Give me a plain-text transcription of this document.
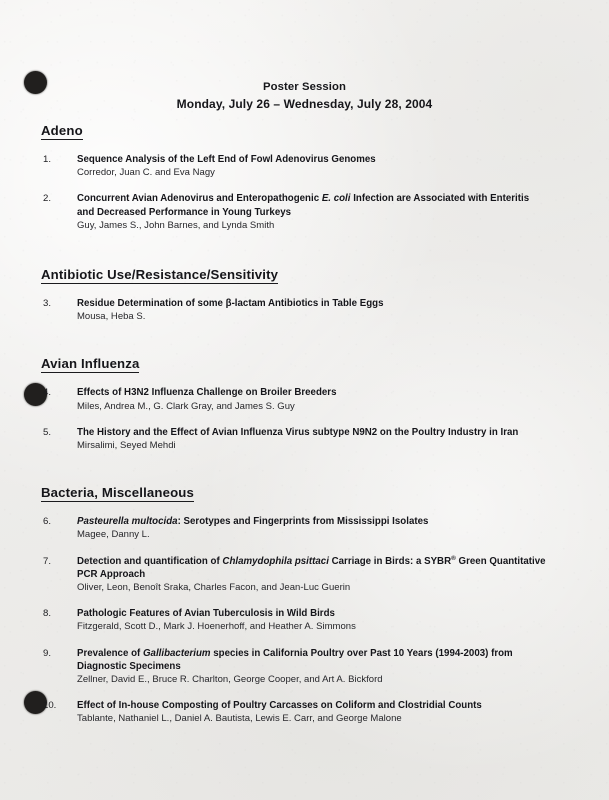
Poster Session
Monday, July 26 – Wednesday, July 28, 2004
Adeno
1.	Sequence Analysis of the Left End of Fowl Adenovirus Genomes
Corredor, Juan C. and Eva Nagy
2.	Concurrent Avian Adenovirus and Enteropathogenic E. coli Infection are Associated with Enteritis and Decreased Performance in Young Turkeys
Guy, James S., John Barnes, and Lynda Smith
Antibiotic Use/Resistance/Sensitivity
3.	Residue Determination of some β-lactam Antibiotics in Table Eggs
Mousa, Heba S.
Avian Influenza
4.	Effects of H3N2 Influenza Challenge on Broiler Breeders
Miles, Andrea M., G. Clark Gray, and James S. Guy
5.	The History and the Effect of Avian Influenza Virus subtype N9N2 on the Poultry Industry in Iran
Mirsalimi, Seyed Mehdi
Bacteria, Miscellaneous
6.	Pasteurella multocida: Serotypes and Fingerprints from Mississippi Isolates
Magee, Danny L.
7.	Detection and quantification of Chlamydophila psittaci Carriage in Birds: a SYBR® Green Quantitative PCR Approach
Oliver, Leon, Benoît Sraka, Charles Facon, and Jean-Luc Guerin
8.	Pathologic Features of Avian Tuberculosis in Wild Birds
Fitzgerald, Scott D., Mark J. Hoenerhoff, and Heather A. Simmons
9.	Prevalence of Gallibacterium species in California Poultry over Past 10 Years (1994-2003) from Diagnostic Specimens
Zellner, David E., Bruce R. Charlton, George Cooper, and Art A. Bickford
10. Effect of In-house Composting of Poultry Carcasses on Coliform and Clostridial Counts
Tablante, Nathaniel L., Daniel A. Bautista, Lewis E. Carr, and George Malone
